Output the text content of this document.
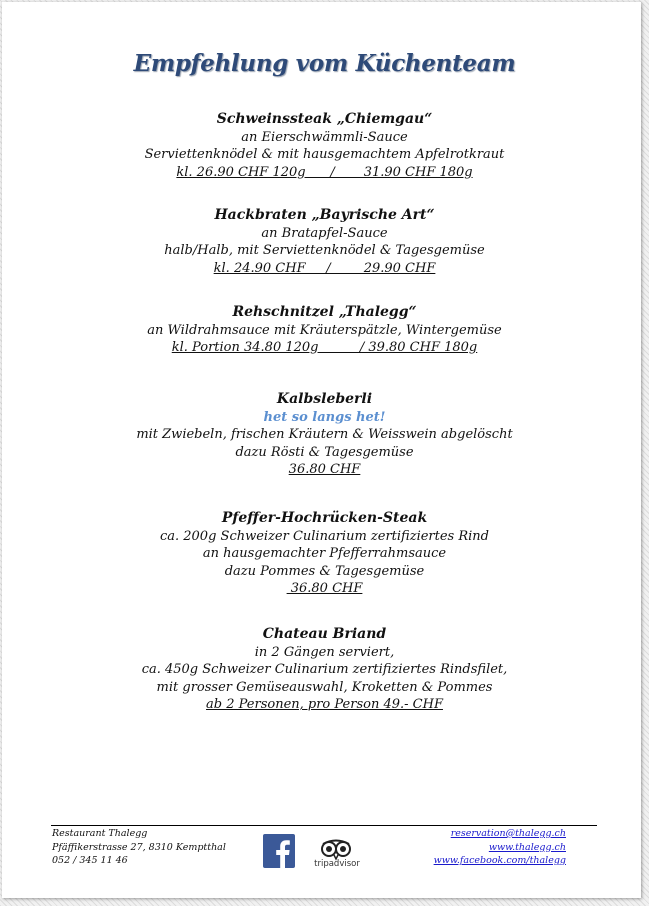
Empfehlung vom Küchenteam
Schweinssteak „Chiemgau“
an Eierschwämmli-Sauce
Serviettenknödel & mit hausgemachtem Apfelrotkraut
kl. 26.90 CHF 120g      /       31.90 CHF 180g
Hackbraten „Bayrische Art“
an Bratapfel-Sauce
halb/Halb, mit Serviettenknödel & Tagesgemüse
kl. 24.90 CHF     /        29.90 CHF
Rehschnitzel „Thalegg“
an Wildrahmsauce mit Kräuterspätzle, Wintergemüse
kl. Portion 34.80 120g          / 39.80 CHF 180g
Kalbsleberli
het so langs het!
mit Zwiebeln, frischen Kräutern & Weisswein abgelöscht
dazu Rösti & Tagesgemüse
36.80 CHF
Pfeffer-Hochrücken-Steak
ca. 200g Schweizer Culinarium zertifiziertes Rind
an hausgemachter Pfefferrahmsauce
dazu Pommes & Tagesgemüse
36.80 CHF
Chateau Briand
in 2 Gängen serviert,
ca. 450g Schweizer Culinarium zertifiziertes Rindsfilet,
mit grosser Gemüseauswahl, Kroketten & Pommes
ab 2 Personen, pro Person 49.- CHF
Restaurant Thalegg
Pfäffikerstrasse 27, 8310 Kemptthal
052 / 345 11 46	tripadvisor
reservation@thalegg.ch
www.thalegg.ch
www.facebook.com/thalegg
